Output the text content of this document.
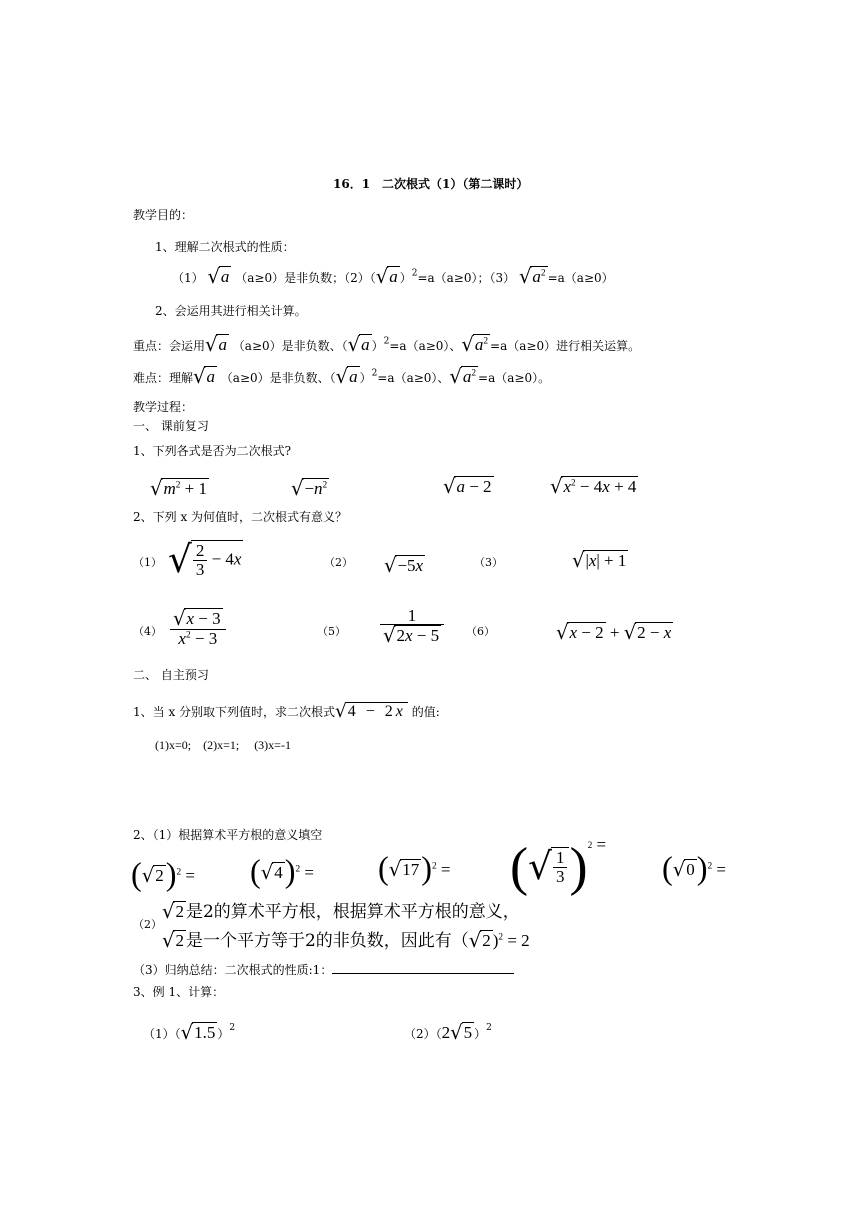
16．1　二次根式（1）（第二课时）
教学目的：
1、理解二次根式的性质：
（1） √a （a≥0）是非负数；（2）（√a ）$^2$=a（a≥0）；（3） $√a^2 =a(a\ge 0)$
2、会运用其进行相关计算。
重点：会运用√a （a≥0）是非负数、（√a ）$^2$=a（a≥0）、$√a^2 =a(a\ge 0)$进行相关运算。
难点：理解√a （a≥0）是非负数、（√a ）$^2$=a（a≥0）、$√a^2 =a(a\ge 0)$。
教学过程：
一、 课前复习
1、下列各式是否为二次根式?
$√m^2 + 1$	$√-n^2$	√a − 2	$√x^2 - 4x + 4$
2、下列 x 为何值时，二次根式有意义？
（1） √ $\frac{2}{3} - 4x$	（2） √−5x	（3）	√|x| + 1
$(4) \frac{√x - 3}{x^2 - 3}$	$(5) \frac{1}{√2x - 5} (6)$	√x − 2 + √2 − x
二、 自主预习
1、当 x 分别取下列值时，求二次根式√4 − 2x 的值:
(1)x=0;　(2)x=1;　 (3)x=-1
2、（1）根据算术平方根的意义填空
$(√2)^2 = (√4)^2 = (√17)^2$ = (√ $\frac{1}{3} )^2$ =
$(√0)^2$ =
（2）
√2 是2的算术平方根，根据算术平方根的意义，
√2 是一个平方等于2的非负数，因此有（√2 )$^2$ = 2
（3）归纳总结：二次根式的性质:1：
3、例 1、计算：
（1）（√1.5 ）$^2$	（2）（2√5 ）$^2$
